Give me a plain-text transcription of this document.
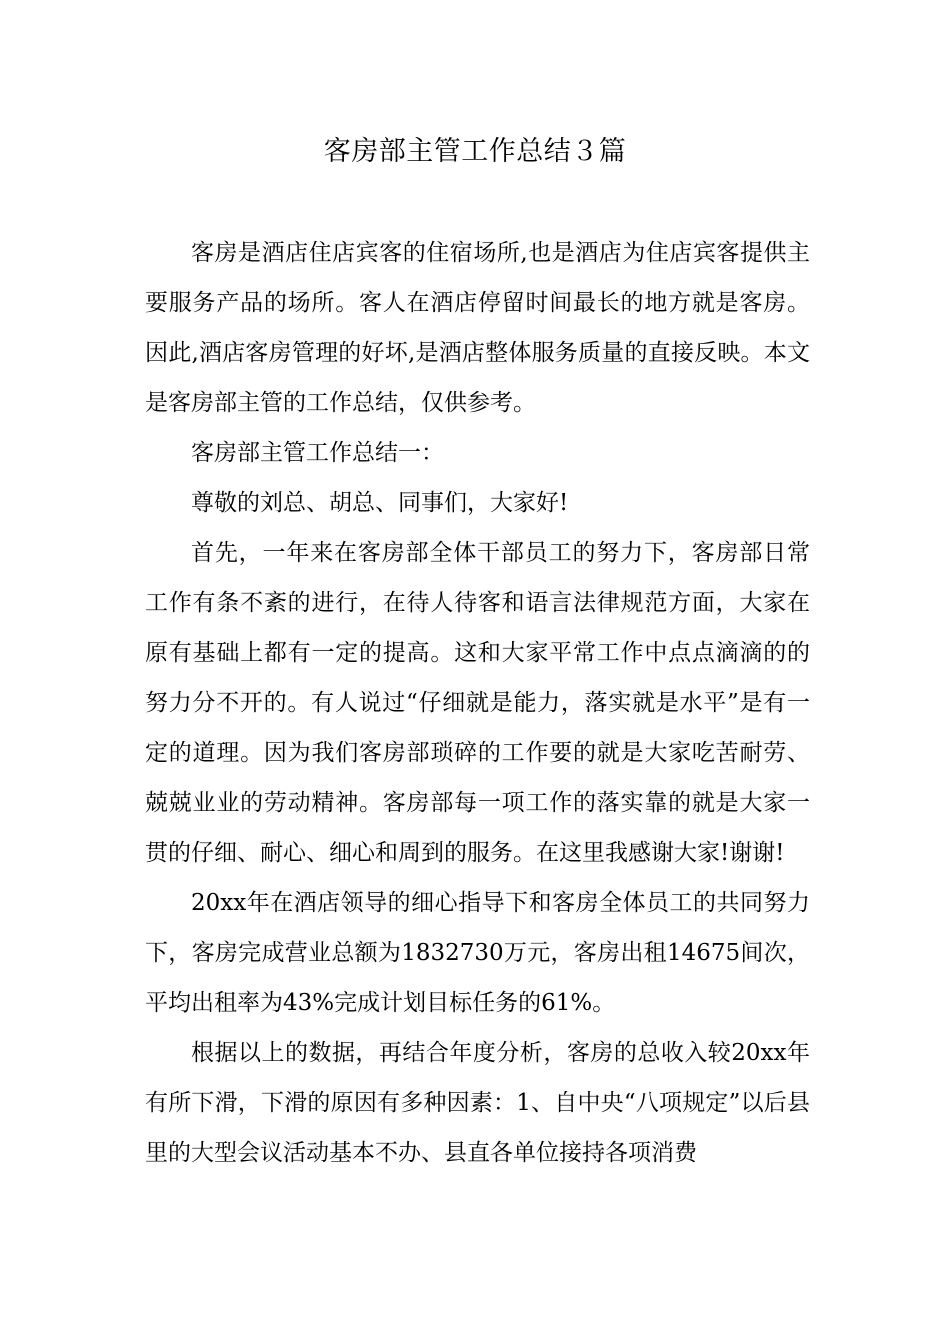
客房部主管工作总结３篇

客房是酒店住店宾客的住宿场所,也是酒店为住店宾客提供主要服务产品的场所。客人在酒店停留时间最长的地方就是客房。因此,酒店客房管理的好坏,是酒店整体服务质量的直接反映。本文是客房部主管的工作总结，仅供参考。

客房部主管工作总结一：

尊敬的刘总、胡总、同事们，大家好!

首先，一年来在客房部全体干部员工的努力下，客房部日常工作有条不紊的进行，在待人待客和语言法律规范方面，大家在原有基础上都有一定的提高。这和大家平常工作中点点滴滴的的努力分不开的。有人说过“仔细就是能力，落实就是水平”是有一定的道理。因为我们客房部琐碎的工作要的就是大家吃苦耐劳、兢兢业业的劳动精神。客房部每一项工作的落实靠的就是大家一贯的仔细、耐心、细心和周到的服务。在这里我感谢大家!谢谢!

20xx年在酒店领导的细心指导下和客房全体员工的共同努力下，客房完成营业总额为1832730万元，客房出租14675间次，平均出租率为43%完成计划目标任务的61%。

根据以上的数据，再结合年度分析，客房的总收入较20xx年有所下滑，下滑的原因有多种因素：1、自中央“八项规定”以后县里的大型会议活动基本不办、县直各单位接持各项消费
